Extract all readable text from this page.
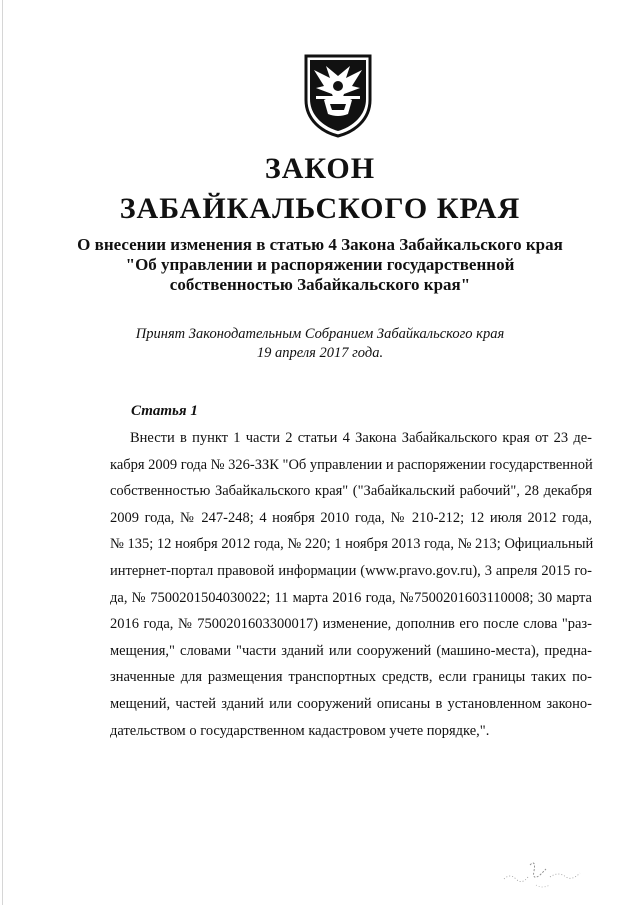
ЗАКОН
ЗАБАЙКАЛЬСКОГО КРАЯ
О внесении изменения в статью 4 Закона Забайкальского края
"Об управлении и распоряжении государственной
собственностью Забайкальского края"
Принят Законодательным Собранием Забайкальского края
19 апреля 2017 года.
Статья 1
Внести в пункт 1 части 2 статьи 4 Закона Забайкальского края от 23 де-
кабря 2009 года № 326-ЗЗК "Об управлении и распоряжении государственной
собственностью Забайкальского края" ("Забайкальский рабочий", 28 декабря
2009 года, № 247-248; 4 ноября 2010 года, № 210-212; 12 июля 2012 года,
№ 135; 12 ноября 2012 года, № 220; 1 ноября 2013 года, № 213; Официальный
интернет-портал правовой информации (www.pravo.gov.ru), 3 апреля 2015 го-
да, № 7500201504030022; 11 марта 2016 года, №7500201603110008; 30 марта
2016 года, № 7500201603300017) изменение, дополнив его после слова "раз-
мещения," словами "части зданий или сооружений (машино-места), предна-
значенные для размещения транспортных средств, если границы таких по-
мещений, частей зданий или сооружений описаны в установленном законо-
дательством о государственном кадастровом учете порядке,".
